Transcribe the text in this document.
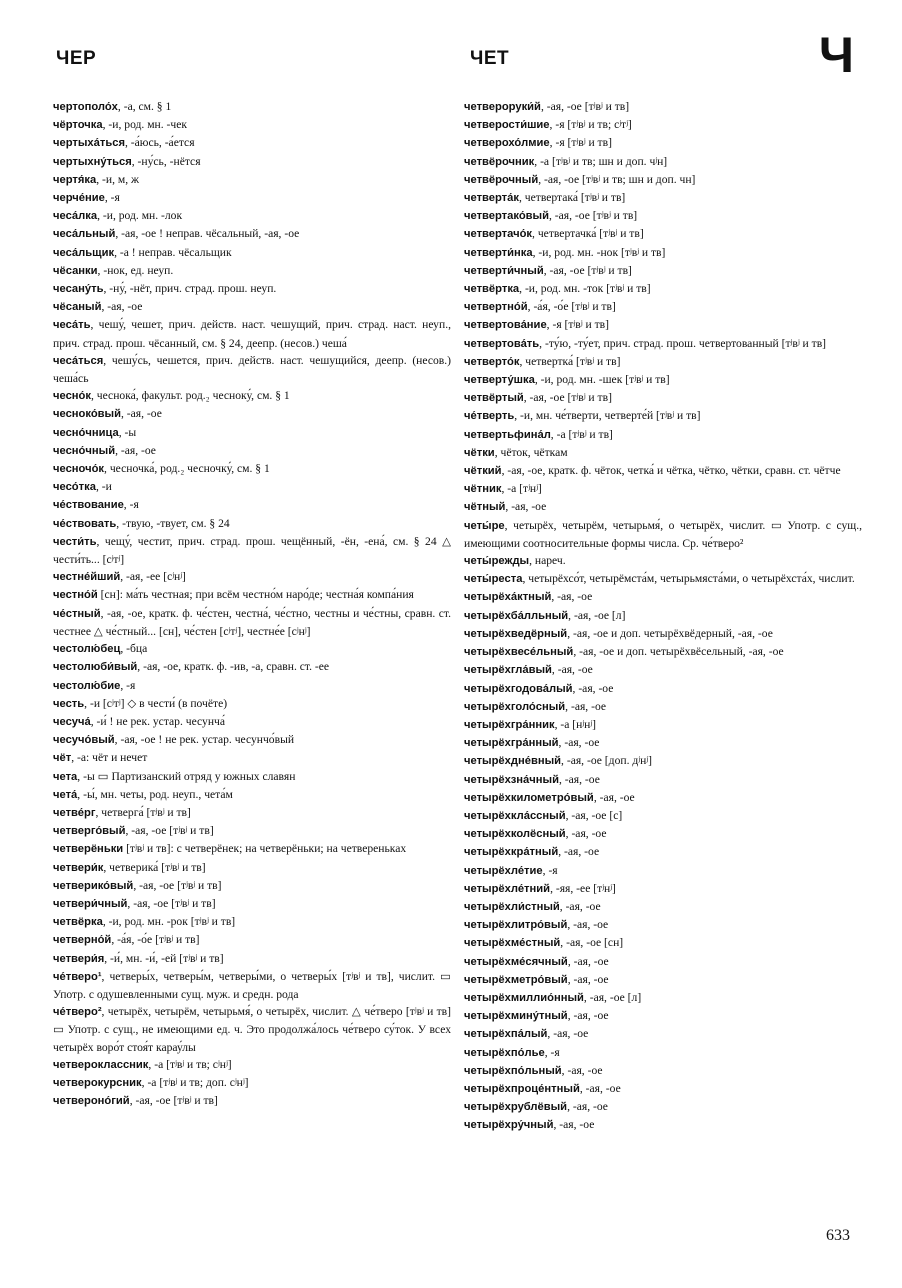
ЧЕР	ЧЕТ	Ч
чертополо́х, -а, см. § 1
чёрточка, -и, род. мн. -чек
чертыха́ться, -а́юсь, -а́ется
чертыхну́ться, -ну́сь, -нётся
чертя́ка, -и, м, ж
черче́ние, -я
чеса́лка, -и, род. мн. -лок
чеса́льный, -ая, -ое ! неправ. чёсальный, -ая, -ое
чеса́льщик, -а ! неправ. чёсальщик
чёсанки, -нок, ед. неуп.
чесану́ть, -ну́, -нёт, прич. страд. прош. неуп.
чёсаный, -ая, -ое
чеса́ть, чешу́, чешет, прич. действ. наст. чешущий, прич. страд. наст. неуп., прич. страд. прош. чёсанный, см. § 24, деепр. (несов.) чеша́
чеса́ться, чешу́сь, чешется, прич. действ. наст. чешущийся, деепр. (несов.) чеша́сь
чесно́к, чеснока́, факульт. род.₂ чесноку́, см. § 1
чесноко́вый, -ая, -ое
чесно́чница, -ы
чесно́чный, -ая, -ое
чесночо́к, чесночка́, род.₂ чесночку́, см. § 1
чесо́тка, -и
че́ствование, -я
че́ствовать, -твую, -твует, см. § 24
чести́ть, чещу́, честит, прич. страд. прош. чещённый, -ён, -ена́, см. § 24 △ чести́ть... [сʲтʲ]
честне́йший, -ая, -ее [сʲнʲ]
честно́й [сн]: ма́ть честная; при всём честно́м наро́де; честна́я компа́ния
че́стный, -ая, -ое, кратк. ф. че́стен, честна́, че́стно, честны и че́стны, сравн. ст. честнее △ че́стный... [сн], че́стен [сʲтʲ], честне́е [сʲнʲ]
честолю́бец, -бца
честолюби́вый, -ая, -ое, кратк. ф. -ив, -а, сравн. ст. -ее
честолю́бие, -я
честь, -и [сʲтʲ] ◇ в чести́ (в почёте)
чесуча́, -и́ ! не рек. устар. чесунча́
чесучо́вый, -ая, -ое ! не рек. устар. чесунчо́вый
чёт, -а: чёт и нечет
чета, -ы ▭ Партизанский отряд у южных славян
чета́, -ы́, мн. четы, род. неуп., чета́м
четве́рг, четверга́ [тʲвʲ и тв]
четверго́вый, -ая, -ое [тʲвʲ и тв]
четверёньки [тʲвʲ и тв]: с четверёнек; на четверёньки; на четвереньках
четвери́к, четверика́ [тʲвʲ и тв]
четверико́вый, -ая, -ое [тʲвʲ и тв]
четвери́чный, -ая, -ое [тʲвʲ и тв]
четвёрка, -и, род. мн. -рок [тʲвʲ и тв]
четверно́й, -а́я, -о́е [тʲвʲ и тв]
четвери́я, -и́, мн. -и́, -ей [тʲвʲ и тв]
че́тверо¹, четверы́х, четверы́м, четверы́ми, о четверы́х [тʲвʲ и тв], числит. ▭ Употр. с одушевленными сущ. муж. и средн. рода
че́тверо², четырёх, четырём, четырьмя́, о четырёх, числит. △ че́тверо [тʲвʲ и тв] ▭ Употр. с сущ., не имеющими ед. ч. Это продолжа́лось че́тверо су́ток. У всех четырёх воро́т стоя́т карау́лы
четвероклассник, -а [тʲвʲ и тв; сʲнʲ]
четверокурсник, -а [тʲвʲ и тв; доп. сʲнʲ]
четвероно́гий, -ая, -ое [тʲвʲ и тв]
четвероруки́й, -ая, -ое [тʲвʲ и тв]
четверости́шие, -я [тʲвʲ и тв; сʲтʲ]
четверохо́лмие, -я [тʲвʲ и тв]
четвёрочник, -а [тʲвʲ и тв; шн и доп. чʲн]
четвёрочный, -ая, -ое [тʲвʲ и тв; шн и доп. чн]
четверта́к, четвертака́ [тʲвʲ и тв]
четвертако́вый, -ая, -ое [тʲвʲ и тв]
четвертачо́к, четвертачка́ [тʲвʲ и тв]
четверти́нка, -и, род. мн. -нок [тʲвʲ и тв]
четверти́чный, -ая, -ое [тʲвʲ и тв]
четвёртка, -и, род. мн. -ток [тʲвʲ и тв]
четвертно́й, -а́я, -о́е [тʲвʲ и тв]
четвертова́ние, -я [тʲвʲ и тв]
четвертова́ть, -ту́ю, -ту́ет, прич. страд. прош. четвертованный [тʲвʲ и тв]
четверто́к, четвертка́ [тʲвʲ и тв]
четверту́шка, -и, род. мн. -шек [тʲвʲ и тв]
четвёртый, -ая, -ое [тʲвʲ и тв]
че́тверть, -и, мн. че́тверти, четверте́й [тʲвʲ и тв]
четвертьфина́л, -а [тʲвʲ и тв]
чётки, чёток, чёткам
чёткий, -ая, -ое, кратк. ф. чёток, четка́ и чётка, чётко, чётки, сравн. ст. чётче
чётник, -а [тʲнʲ]
чётный, -ая, -ое
четы́ре, четырёх, четырём, четырьмя́, о четырёх, числит. ▭ Употр. с сущ., имеющими соотносительные формы числа. Ср. че́тверо²
четы́режды, нареч.
четы́реста, четырёхсо́т, четырёмста́м, четырьмяста́ми, о четырёхста́х, числит.
четырёха́ктный, -ая, -ое
четырёхба́лльный, -ая, -ое [л]
четырёхведёрный, -ая, -ое и доп. четырёхвёдерный, -ая, -ое
четырёхвесе́льный, -ая, -ое и доп. четырёхвёсельный, -ая, -ое
четырёхгла́вый, -ая, -ое
четырёхгодова́лый, -ая, -ое
четырёхголо́сный, -ая, -ое
четырёхгра́нник, -а [нʲнʲ]
четырёхгра́нный, -ая, -ое
четырёхдне́вный, -ая, -ое [доп. дʲнʲ]
четырёхзна́чный, -ая, -ое
четырёхкилометро́вый, -ая, -ое
четырёхкла́ссный, -ая, -ое [с]
четырёхколёсный, -ая, -ое
четырёхкра́тный, -ая, -ое
четырёхле́тие, -я
четырёхле́тний, -яя, -ее [тʲнʲ]
четырёхли́стный, -ая, -ое
четырёхлитро́вый, -ая, -ое
четырёхме́стный, -ая, -ое [сн]
четырёхме́сячный, -ая, -ое
четырёхметро́вый, -ая, -ое
четырёхмиллио́нный, -ая, -ое [л]
четырёхмину́тный, -ая, -ое
четырёхпа́лый, -ая, -ое
четырёхпо́лье, -я
четырёхпо́льный, -ая, -ое
четырёхпроце́нтный, -ая, -ое
четырёхрублёвый, -ая, -ое
четырёхру́чный, -ая, -ое
633
